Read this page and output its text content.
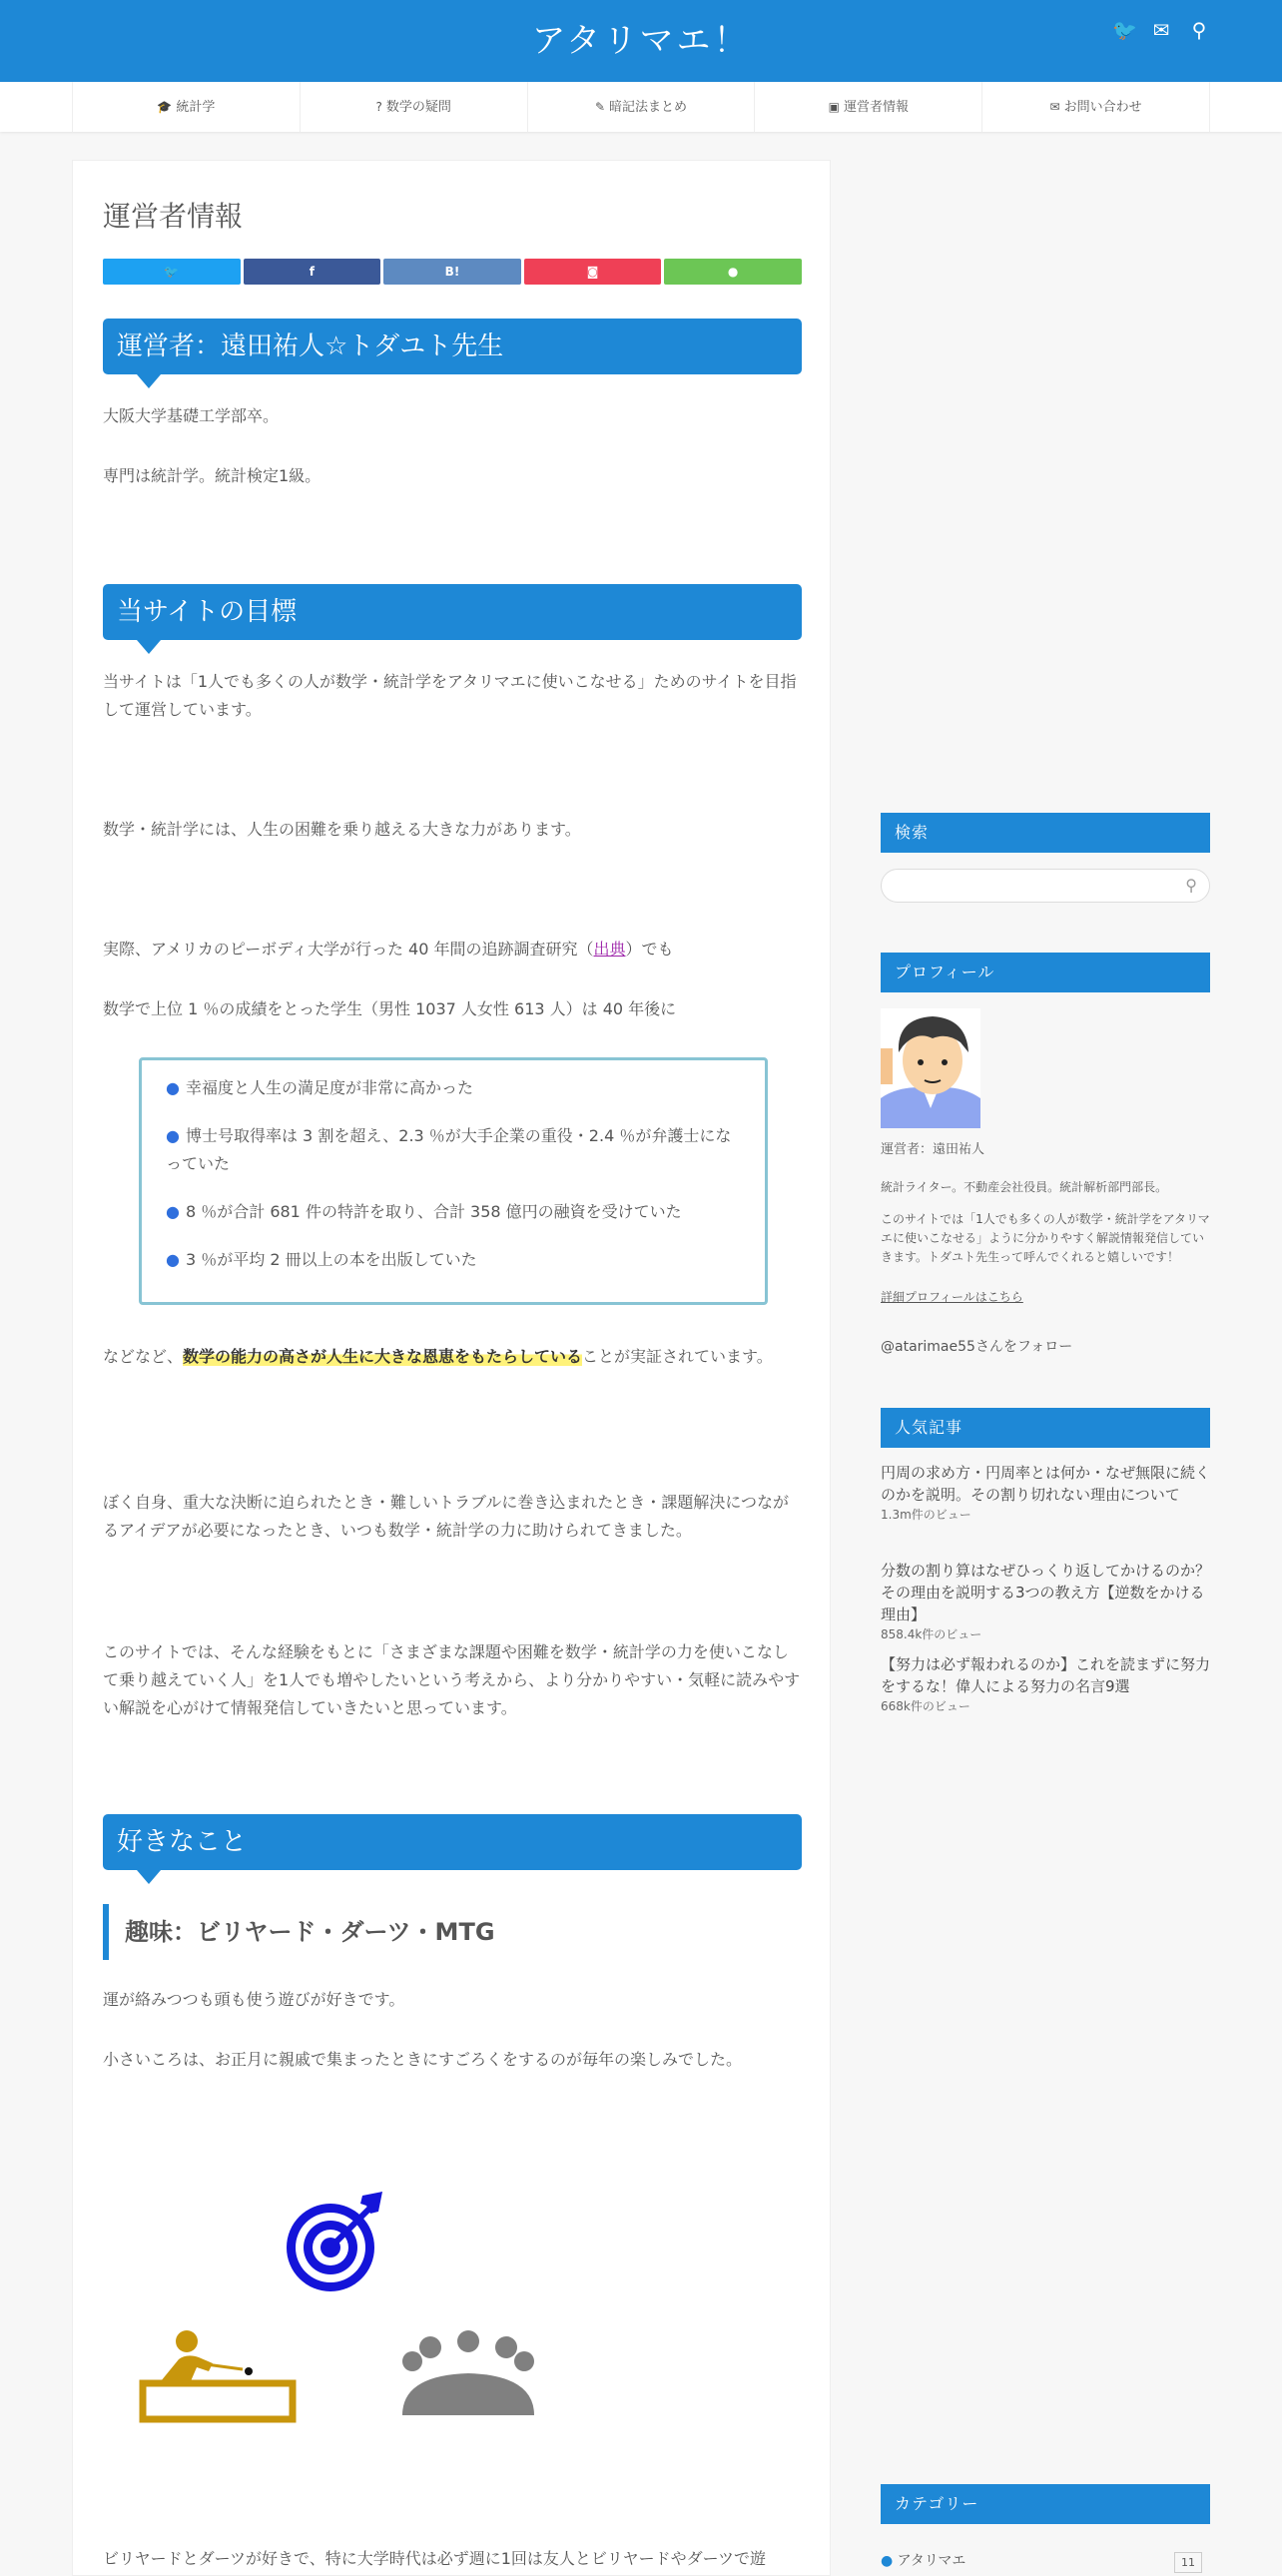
アタリマエ！	🐦 ✉ ⚲
🎓 統計学	? 数学の疑問	✎ 暗記法まとめ	▣ 運営者情報	✉ お問い合わせ
運営者情報
🐦	f	B!	◙	●
運営者：遠田祐人☆トダユト先生
大阪大学基礎工学部卒。
専門は統計学。統計検定1級。
当サイトの目標
当サイトは「1人でも多くの人が数学・統計学をアタリマエに使いこなせる」ためのサイトを目指して運営しています。
数学・統計学には、人生の困難を乗り越える大きな力があります。
実際、アメリカのピーボディ大学が行った 40 年間の追跡調査研究（出典）でも
数学で上位 1 ％の成績をとった学生（男性 1037 人女性 613 人）は 40 年後に
● 幸福度と人生の満足度が非常に高かった
● 博士号取得率は 3 割を超え、2.3 ％が大手企業の重役・2.4 ％が弁護士になっていた
● 8 ％が合計 681 件の特許を取り、合計 358 億円の融資を受けていた
● 3 ％が平均 2 冊以上の本を出版していた
などなど、数学の能力の高さが人生に大きな恩恵をもたらしていることが実証されています。
ぼく自身、重大な決断に迫られたとき・難しいトラブルに巻き込まれたとき・課題解決につながるアイデアが必要になったとき、いつも数学・統計学の力に助けられてきました。
このサイトでは、そんな経験をもとに「さまざまな課題や困難を数学・統計学の力を使いこなして乗り越えていく人」を1人でも増やしたいという考えから、より分かりやすい・気軽に読みやすい解説を心がけて情報発信していきたいと思っています。
好きなこと
趣味：ビリヤード・ダーツ・MTG
運が絡みつつも頭も使う遊びが好きです。
小さいころは、お正月に親戚で集まったときにすごろくをするのが毎年の楽しみでした。
ビリヤードとダーツが好きで、特に大学時代は必ず週に1回は友人とビリヤードやダーツで遊
検索
⚲
プロフィール
運営者：遠田祐人
統計ライター。不動産会社役員。統計解析部門部長。
このサイトでは「1人でも多くの人が数学・統計学をアタリマエに使いこなせる」ように分かりやすく解説情報発信していきます。トダユト先生って呼んでくれると嬉しいです！
詳細プロフィールはこちら
@atarimae55さんをフォロー
人気記事
円周の求め方・円周率とは何か・なぜ無限に続くのかを説明。その割り切れない理由について
1.3m件のビュー
分数の割り算はなぜひっくり返してかけるのか？その理由を説明する3つの教え方【逆数をかける理由】
858.4k件のビュー
【努力は必ず報われるのか】これを読まずに努力をするな！偉人による努力の名言9選
668k件のビュー
カテゴリー
● アタリマエ	11
